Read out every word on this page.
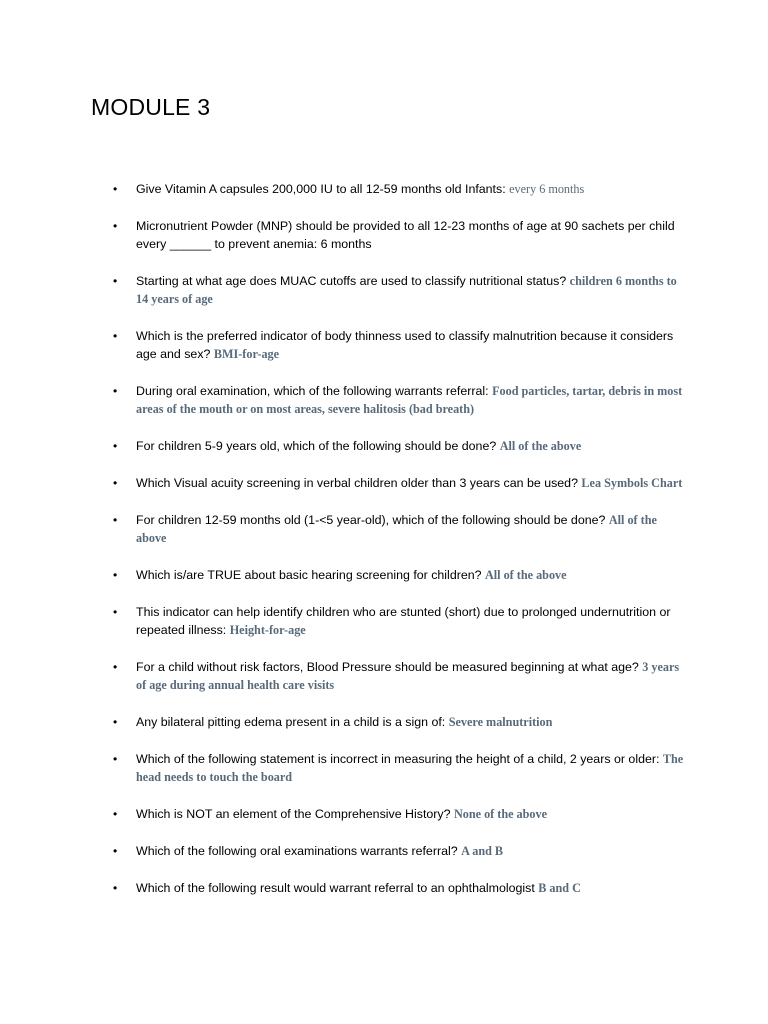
MODULE 3
• Give Vitamin A capsules 200,000 IU to all 12-59 months old Infants: every 6 months
• Micronutrient Powder (MNP) should be provided to all 12-23 months of age at 90 sachets per child every ______ to prevent anemia: 6 months
• Starting at what age does MUAC cutoffs are used to classify nutritional status? children 6 months to 14 years of age
• Which is the preferred indicator of body thinness used to classify malnutrition because it considers age and sex? BMI-for-age
• During oral examination, which of the following warrants referral: Food particles, tartar, debris in most areas of the mouth or on most areas, severe halitosis (bad breath)
• For children 5-9 years old, which of the following should be done? All of the above
• Which Visual acuity screening in verbal children older than 3 years can be used? Lea Symbols Chart
• For children 12-59 months old (1-<5 year-old), which of the following should be done? All of the above
• Which is/are TRUE about basic hearing screening for children? All of the above
• This indicator can help identify children who are stunted (short) due to prolonged undernutrition or repeated illness: Height-for-age
• For a child without risk factors, Blood Pressure should be measured beginning at what age? 3 years of age during annual health care visits
• Any bilateral pitting edema present in a child is a sign of: Severe malnutrition
• Which of the following statement is incorrect in measuring the height of a child, 2 years or older: The head needs to touch the board
• Which is NOT an element of the Comprehensive History? None of the above
• Which of the following oral examinations warrants referral? A and B
• Which of the following result would warrant referral to an ophthalmologist B and C
